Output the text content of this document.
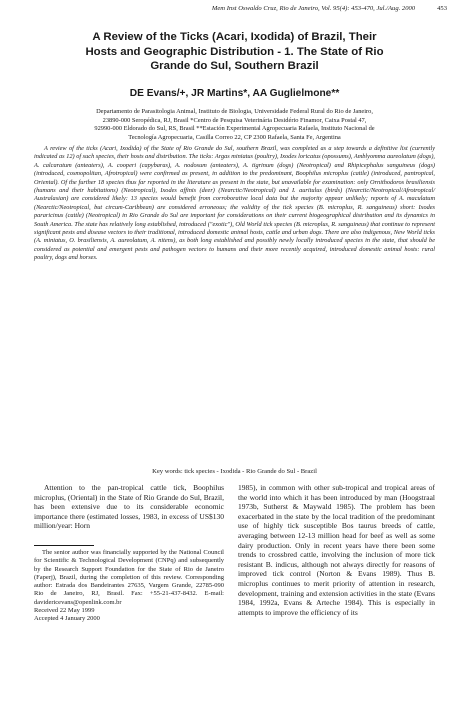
Mem Inst Oswaldo Cruz, Rio de Janeiro, Vol. 95(4): 453-470, Jul./Aug. 2000	453
A Review of the Ticks (Acari, Ixodida) of Brazil, Their
Hosts and Geographic Distribution - 1. The State of Rio
Grande do Sul, Southern Brazil
DE Evans/+, JR Martins*, AA Guglielmone**
Departamento de Parasitologia Animal, Instituto de Biologia, Universidade Federal Rural do Rio de Janeiro,
23890-000 Seropédica, RJ, Brasil *Centro de Pesquisa Veterinária Desidério Finamor, Caixa Postal 47,
92990-000 Eldorado do Sul, RS, Brasil **Estación Experimental Agropecuaria Rafaela, Instituto Nacional de
Tecnología Agropecuaria, Casilla Correo 22, CP 2300 Rafaela, Santa Fe, Argentina
A review of the ticks (Acari, Ixodida) of the State of Rio Grande do Sul, southern Brazil, was completed as a step towards a definitive list (currently indicated as 12) of such species, their hosts and distribution. The ticks: Argas miniatus (poultry), Ixodes loricatus (opossums), Amblyomma aureolatum (dogs), A. calcaratum (anteaters), A. cooperi (capybaras), A. nodosum (anteaters), A. tigrinum (dogs) (Neotropical) and Rhipicephalus sanguineus (dogs) (introduced, cosmopolitan, Afrotropical) were confirmed as present, in addition to the predominant, Boophilus microplus (cattle) (introduced, pantropical, Oriental). Of the further 18 species thus far reported in the literature as present in the state, but unavailable for examination: only Ornithodoros brasiliensis (humans and their habitations) (Neotropical), Ixodes affinis (deer) (Nearctic/Neotropical) and I. auritulus (birds) (Nearctic/Neotropical/Afrotropical/ Australasian) are considered likely: 13 species would benefit from corroborative local data but the majority appear unlikely; reports of A. maculatum (Nearctic/Neotropical, but circum-Caribbean) are considered erroneous; the validity of the tick species (B. microplus, R. sanguineus) short: Ixodes pararicinus (cattle) (Neotropical) in Rio Grande do Sul are important for considerations on their current biogeographical distribution and its dynamics in South America. The state has relatively long established, introduced ("exotic"), Old World tick species (B. microplus, R. sanguineus) that continue to represent significant pests and disease vectors to their traditional, introduced domestic animal hosts, cattle and urban dogs. There are also indigenous, New World ticks (A. miniatus, O. brasiliensis, A. aureolatum, A. nitens), as both long established and possibly newly locally introduced species in the state, that should be considered as potential and emergent pests and pathogen vectors to humans and their more recently acquired, introduced domestic animal hosts: rural poultry, dogs and horses.
Key words: tick species - Ixodida - Rio Grande do Sul - Brazil

Attention to the pan-tropical cattle tick, Boophilus microplus, (Oriental) in the State of Rio Grande do Sul, Brazil, has been extensive due to its considerable economic importance there (estimated losses, 1983, in excess of US$130 million/year: Horn

The senior author was financially supported by the National Council for Scientific & Technological Development (CNPq) and subsequently by the Research Support Foundation for the State of Rio de Janeiro (Faperj), Brazil, during the completion of this review. Corresponding author: Estrada dos Bandeirantes 27635, Vargem Grande, 22785-090 Rio de Janeiro, RJ, Brasil. Fax: +55-21-437-8432. E-mail: davidericevans@openlink.com.br

Received 22 May 1999

Accepted 4 January 2000

1985), in common with other sub-tropical and tropical areas of the world into which it has been introduced by man (Hoogstraal 1973b, Sutherst & Maywald 1985). The problem has been exacerbated in the state by the local tradition of the predominant use of highly tick susceptible Bos taurus breeds of cattle, averaging between 12-13 million head for beef as well as some dairy production. Only in recent years have there been some trends to crossbred cattle, involving the inclusion of more tick resistant B. indicus, although not always directly for reasons of improved tick control (Norton & Evans 1989). Thus B. microplus continues to merit priority of attention in research, development, training and extension activities in the state (Evans 1984, 1992a, Evans & Arteche 1984). This is especially in attempts to improve the efficiency of its
